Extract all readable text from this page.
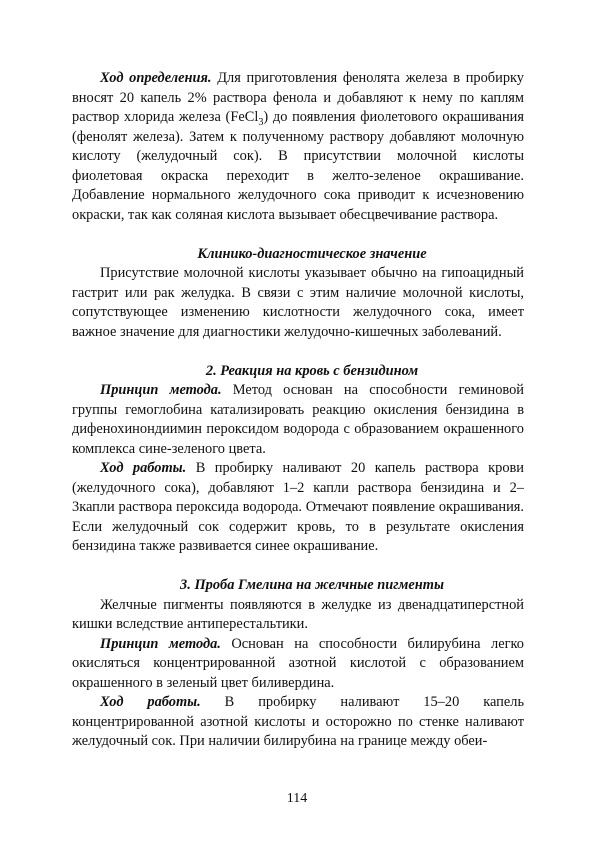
Ход определения. Для приготовления фенолята железа в пробирку вносят 20 капель 2% раствора фенола и добавляют к нему по каплям раствор хлорида железа (FeCl$_3$) до появления фиолетового окрашивания (фенолят железа). Затем к полученному раствору добавляют молочную кислоту (желудочный сок). В присутствии молочной кислоты фиолетовая окраска переходит в желто-зеленое окрашивание. Добавление нормального желудочного сока приводит к исчезновению окраски, так как соляная кислота вызывает обесцвечивание раствора.

Клинико-диагностическое значение

Присутствие молочной кислоты указывает обычно на гипоацидный гастрит или рак желудка. В связи с этим наличие молочной кислоты, сопутствующее изменению кислотности желудочного сока, имеет важное значение для диагностики желудочно-кишечных заболеваний.

2. Реакция на кровь с бензидином

Принцип метода. Метод основан на способности геминовой группы гемоглобина катализировать реакцию окисления бензидина в дифенохинондиимин пероксидом водорода с образованием окрашенного комплекса сине-зеленого цвета.

Ход работы. В пробирку наливают 20 капель раствора крови (желудочного сока), добавляют 1–2 капли раствора бензидина и 2–3капли раствора пероксида водорода. Отмечают появление окрашивания. Если желудочный сок содержит кровь, то в результате окисления бензидина также развивается синее окрашивание.

3. Проба Гмелина на желчные пигменты

Желчные пигменты появляются в желудке из двенадцатиперстной кишки вследствие антиперестальтики.

Принцип метода. Основан на способности билирубина легко окисляться концентрированной азотной кислотой с образованием окрашенного в зеленый цвет биливердина.

Ход работы. В пробирку наливают 15–20 капель концентрированной азотной кислоты и осторожно по стенке наливают желудочный сок. При наличии билирубина на границе между обеи-

114
